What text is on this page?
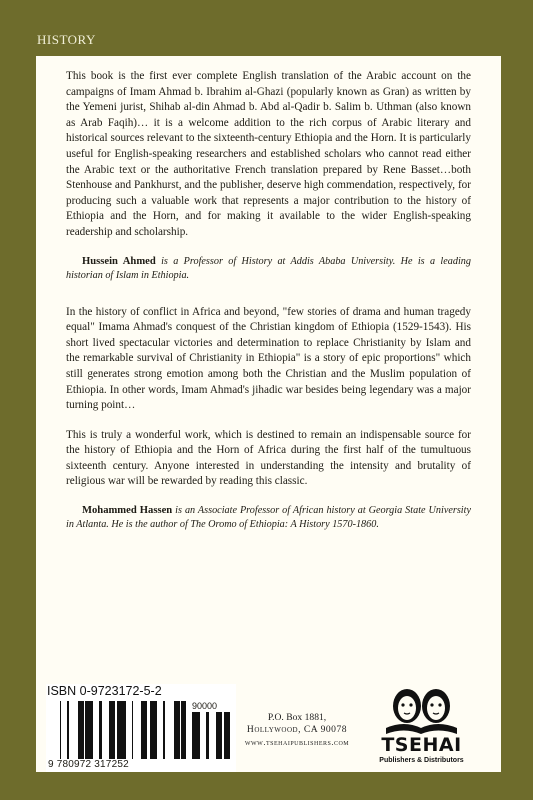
HISTORY

This book is the first ever complete English translation of the Arabic account on the campaigns of Imam Ahmad b. Ibrahim al-Ghazi (popularly known as Gran) as written by the Yemeni jurist, Shihab al-din Ahmad b. Abd al-Qadir b. Salim b. Uthman (also known as Arab Faqih)… it is a welcome addition to the rich corpus of Arabic literary and historical sources relevant to the sixteenth-century Ethiopia and the Horn. It is particularly useful for English-speaking researchers and established scholars who cannot read either the Arabic text or the authoritative French translation prepared by Rene Basset…both Stenhouse and Pankhurst, and the publisher, deserve high commendation, respectively, for producing such a valuable work that represents a major contribution to the history of Ethiopia and the Horn, and for making it available to the wider English-speaking readership and scholarship.

Hussein Ahmed is a Professor of History at Addis Ababa University. He is a leading historian of Islam in Ethiopia.

In the history of conflict in Africa and beyond, "few stories of drama and human tragedy equal" Imama Ahmad's conquest of the Christian kingdom of Ethiopia (1529-1543). His short lived spectacular victories and determination to replace Christianity by Islam and the remarkable survival of Christianity in Ethiopia" is a story of epic proportions" which still generates strong emotion among both the Christian and the Muslim population of Ethiopia. In other words, Imam Ahmad's jihadic war besides being legendary was a major turning point…

This is truly a wonderful work, which is destined to remain an indispensable source for the history of Ethiopia and the Horn of Africa during the first half of the tumultuous sixteenth century. Anyone interested in understanding the intensity and brutality of religious war will be rewarded by reading this classic.

Mohammed Hassen is an Associate Professor of African history at Georgia State University in Atlanta. He is the author of The Oromo of Ethiopia: A History 1570-1860.

ISBN 0-9723172-5-2
90000
9 780972 317252
P.O. Box 1881,
Hollywood, CA 90078
www.tsehaipublishers.com	TSEHAI
Publishers & Distributors
